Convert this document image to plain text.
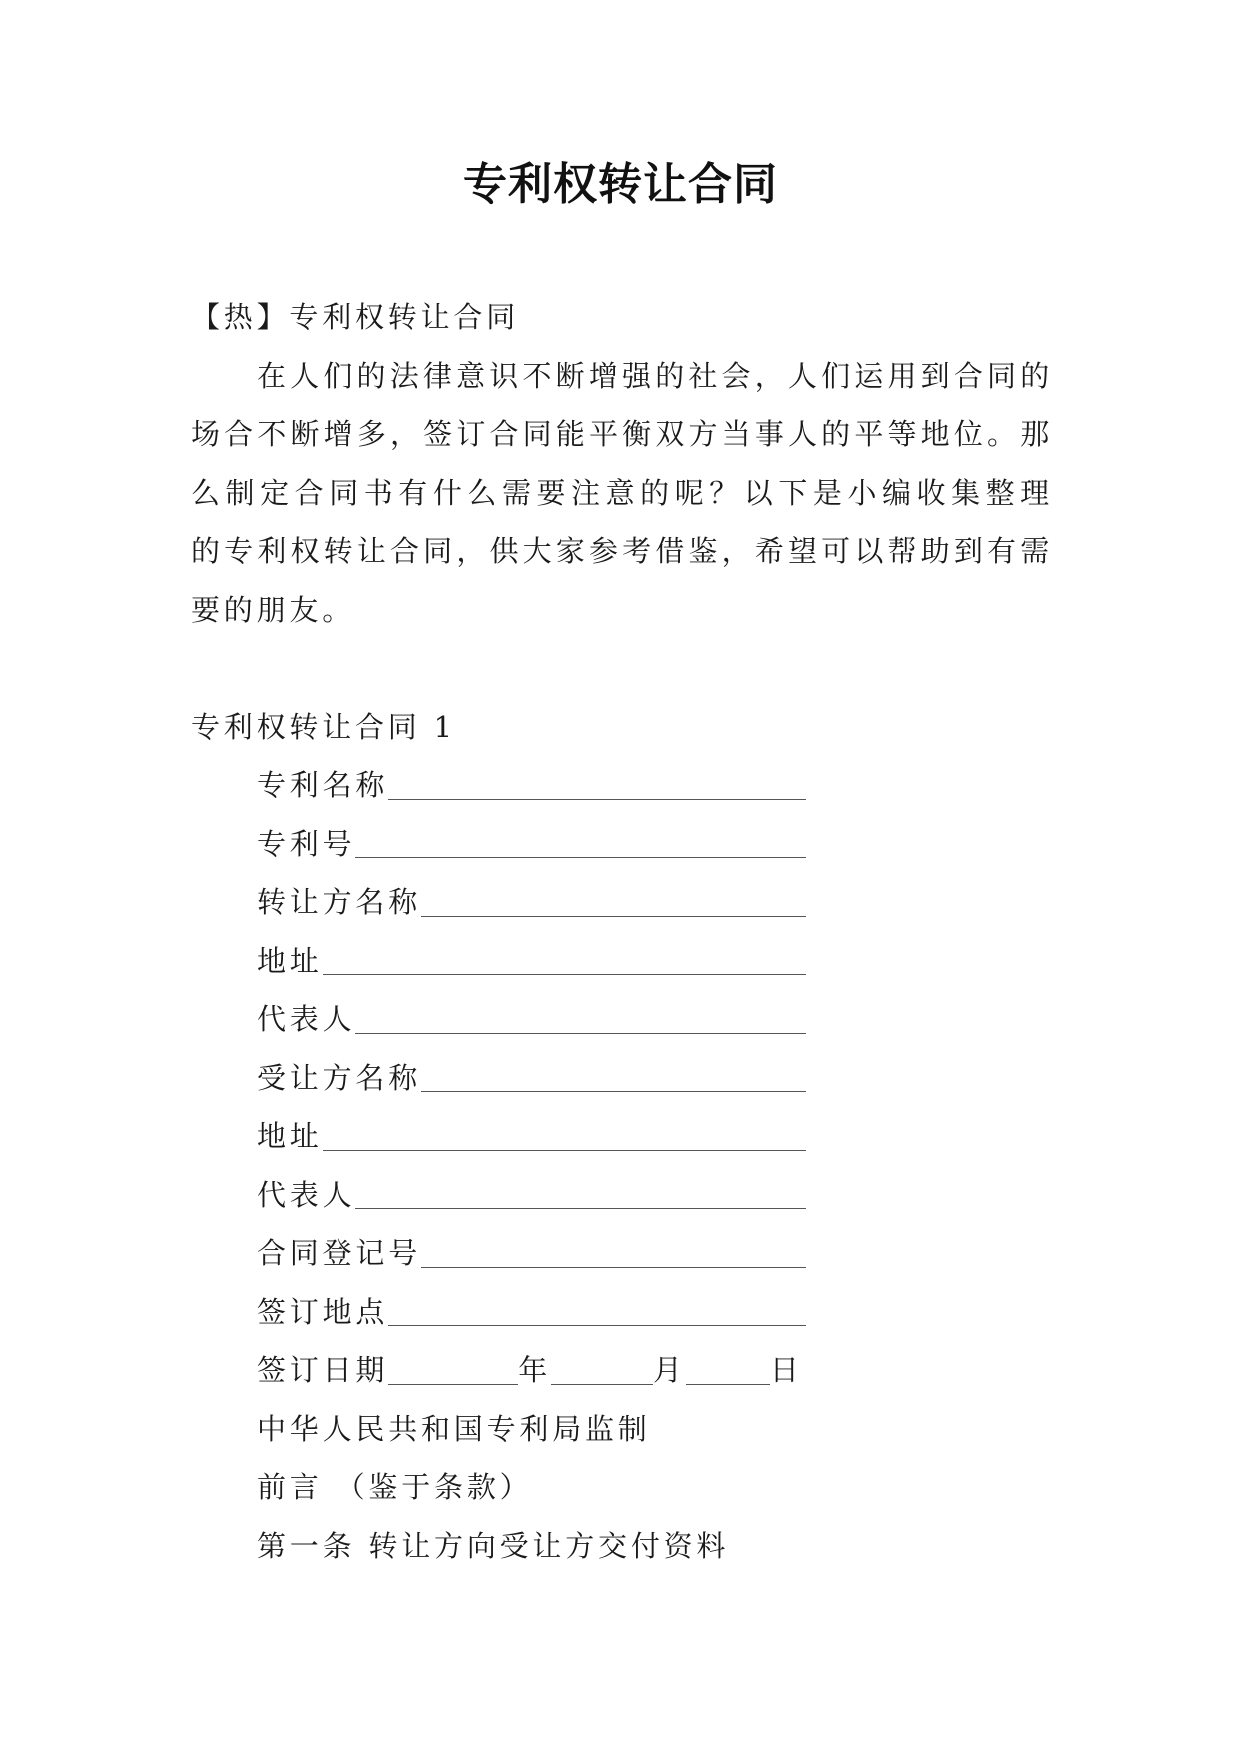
专利权转让合同
【热】专利权转让合同
在人们的法律意识不断增强的社会，人们运用到合同的
场合不断增多，签订合同能平衡双方当事人的平等地位。那
么制定合同书有什么需要注意的呢？以下是小编收集整理
的专利权转让合同，供大家参考借鉴，希望可以帮助到有需
要的朋友。
专利权转让合同 1
专利名称
专利号
转让方名称
地址
代表人
受让方名称
地址
代表人
合同登记号
签订地点
签订日期	年	月	日
中华人民共和国专利局监制
前言 （鉴于条款）
第一条 转让方向受让方交付资料
